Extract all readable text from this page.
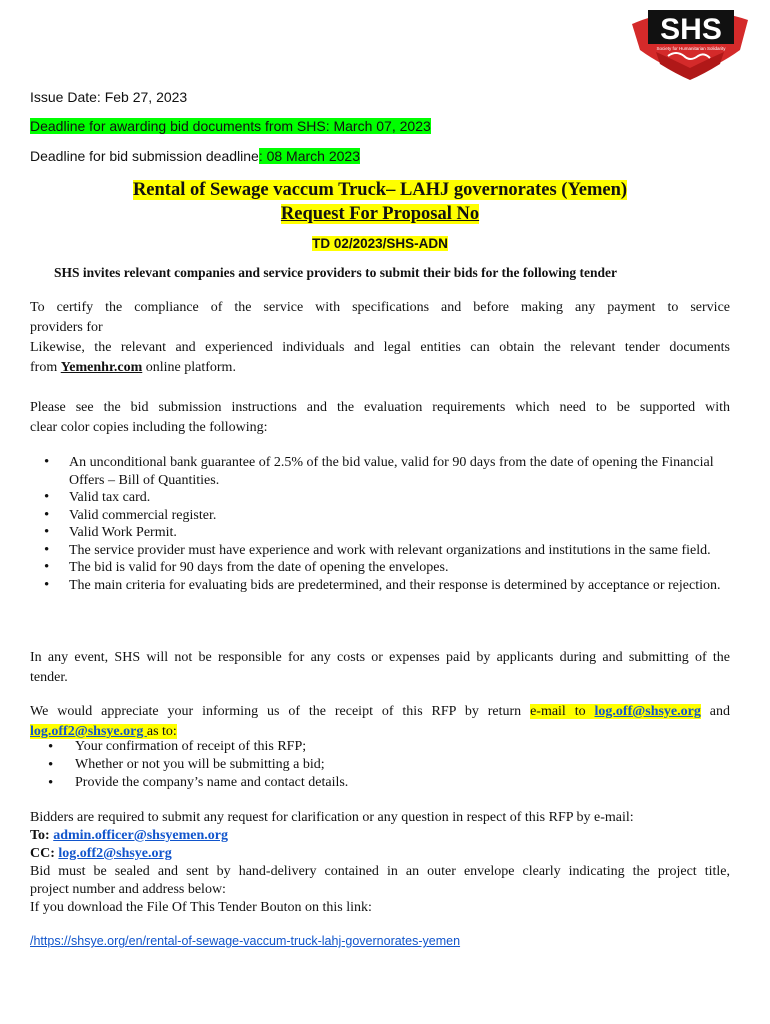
SHS
Society for Humanitarian Solidarity
Issue Date: Feb 27, 2023
Deadline for awarding bid documents from SHS: March 07, 2023
Deadline for bid submission deadline: 08 March 2023
Rental of Sewage vaccum Truck– LAHJ governorates (Yemen)
Request For Proposal No
TD 02/2023/SHS-ADN
SHS invites relevant companies and service providers to submit their bids for the following tender
To certify the compliance of the service with specifications and before making any payment to service
providers for
Likewise, the relevant and experienced individuals and legal entities can obtain the relevant tender documents
from Yemenhr.com online platform.
Please see the bid submission instructions and the evaluation requirements which need to be supported with
clear color copies including the following:
• An unconditional bank guarantee of 2.5% of the bid value, valid for 90 days from the date of opening the Financial Offers – Bill of Quantities.
• Valid tax card.
• Valid commercial register.
• Valid Work Permit.
• The service provider must have experience and work with relevant organizations and institutions in the same field.
• The bid is valid for 90 days from the date of opening the envelopes.
• The main criteria for evaluating bids are predetermined, and their response is determined by acceptance or rejection.
In any event, SHS will not be responsible for any costs or expenses paid by applicants during and submitting of the
tender.
We would appreciate your informing us of the receipt of this RFP by return e-mail to log.off@shsye.org and
log.off2@shsye.org as to:
• Your confirmation of receipt of this RFP;
• Whether or not you will be submitting a bid;
• Provide the company’s name and contact details.
Bidders are required to submit any request for clarification or any question in respect of this RFP by e-mail:
To: admin.officer@shsyemen.org
CC: log.off2@shsye.org
Bid must be sealed and sent by hand-delivery contained in an outer envelope clearly indicating the project title,
project number and address below:
If you download the File Of This Tender Bouton on this link:
/https://shsye.org/en/rental-of-sewage-vaccum-truck-lahj-governorates-yemen
